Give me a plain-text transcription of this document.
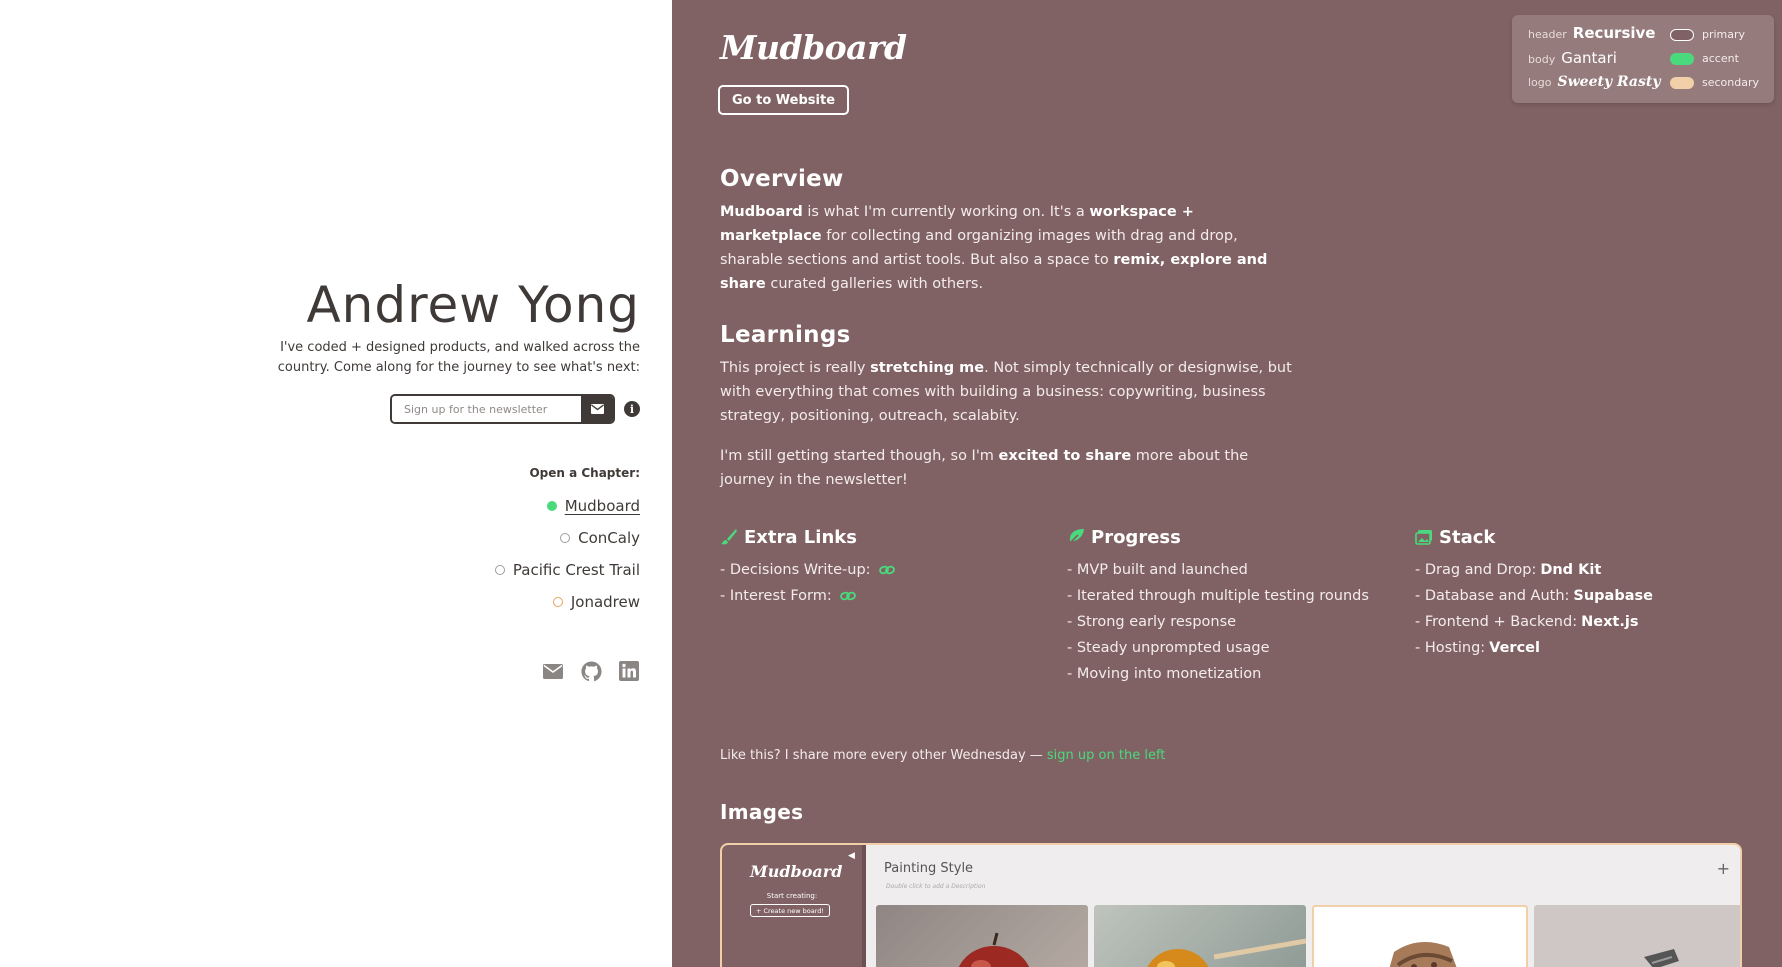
Andrew Yong
I've coded + designed products, and walked across the country. Come along for the journey to see what's next:
Sign up for the newsletter
i
Open a Chapter:
Mudboard
ConCaly
Pacific Crest Trail
Jonadrew
Mudboard
Go to Website
header Recursive
body Gantari
logo Sweety Rasty
primary
accent
secondary
Overview
Mudboard is what I'm currently working on. It's a workspace + marketplace for collecting and organizing images with drag and drop, sharable sections and artist tools. But also a space to remix, explore and share curated galleries with others.
Learnings
This project is really stretching me. Not simply technically or designwise, but with everything that comes with building a business: copywriting, business strategy, positioning, outreach, scalabity.
I'm still getting started though, so I'm excited to share more about the journey in the newsletter!
Extra Links
- Decisions Write-up:
- Interest Form:
Progress
- MVP built and launched
- Iterated through multiple testing rounds
- Strong early response
- Steady unprompted usage
- Moving into monetization
Stack
- Drag and Drop: Dnd Kit
- Database and Auth: Supabase
- Frontend + Backend: Next.js
- Hosting: Vercel
Like this? I share more every other Wednesday — sign up on the left
Images
Mudboard
Start creating:
+ Create new board!
◀
Painting Style
Double click to add a Description
+
